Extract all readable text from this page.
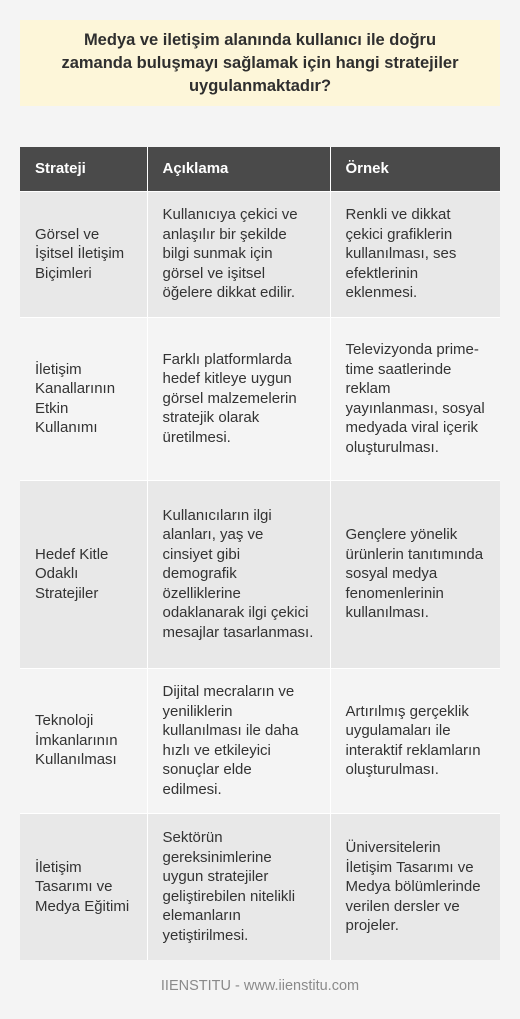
Medya ve iletişim alanında kullanıcı ile doğru zamanda buluşmayı sağlamak için hangi stratejiler uygulanmaktadır?

Strateji	Açıklama	Örnek
Görsel ve İşitsel İletişim Biçimleri	Kullanıcıya çekici ve anlaşılır bir şekilde bilgi sunmak için görsel ve işitsel öğelere dikkat edilir.	Renkli ve dikkat çekici grafiklerin kullanılması, ses efektlerinin eklenmesi.
İletişim Kanallarının Etkin Kullanımı	Farklı platformlarda hedef kitleye uygun görsel malzemelerin stratejik olarak üretilmesi.	Televizyonda prime-time saatlerinde reklam yayınlanması, sosyal medyada viral içerik oluşturulması.
Hedef Kitle Odaklı Stratejiler	Kullanıcıların ilgi alanları, yaş ve cinsiyet gibi demografik özelliklerine odaklanarak ilgi çekici mesajlar tasarlanması.	Gençlere yönelik ürünlerin tanıtımında sosyal medya fenomenlerinin kullanılması.
Teknoloji İmkanlarının Kullanılması	Dijital mecraların ve yeniliklerin kullanılması ile daha hızlı ve etkileyici sonuçlar elde edilmesi.	Artırılmış gerçeklik uygulamaları ile interaktif reklamların oluşturulması.
İletişim Tasarımı ve Medya Eğitimi	Sektörün gereksinimlerine uygun stratejiler geliştirebilen nitelikli elemanların yetiştirilmesi.	Üniversitelerin İletişim Tasarımı ve Medya bölümlerinde verilen dersler ve projeler.
IIENSTITU - www.iienstitu.com
